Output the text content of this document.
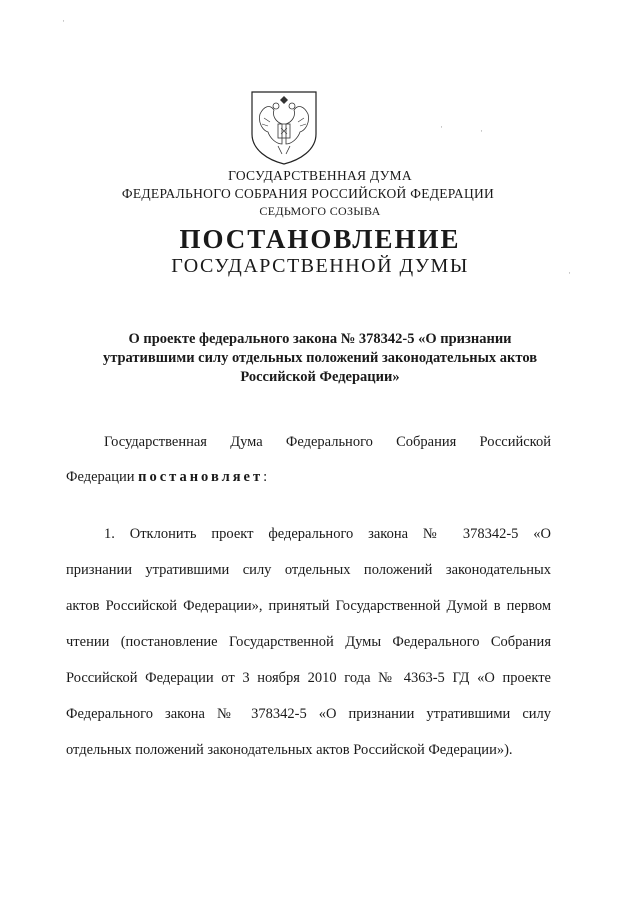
ГОСУДАРСТВЕННАЯ ДУМА
ФЕДЕРАЛЬНОГО СОБРАНИЯ РОССИЙСКОЙ ФЕДЕРАЦИИ
СЕДЬМОГО СОЗЫВА
ПОСТАНОВЛЕНИЕ
ГОСУДАРСТВЕННОЙ ДУМЫ
О проекте федерального закона № 378342-5 «О признании
утратившими силу отдельных положений законодательных актов
Российской Федерации»
Государственная Дума Федерального Собрания Российской
Федерации постановляет:
1. Отклонить проект федерального закона № 378342-5 «О
признании утратившими силу отдельных положений законодательных
актов Российской Федерации», принятый Государственной Думой в первом
чтении (постановление Государственной Думы Федерального Собрания
Российской Федерации от 3 ноября 2010 года № 4363-5 ГД «О проекте
Федерального закона № 378342-5 «О признании утратившими силу
отдельных положений законодательных актов Российской Федерации»).
·
·	·
·
